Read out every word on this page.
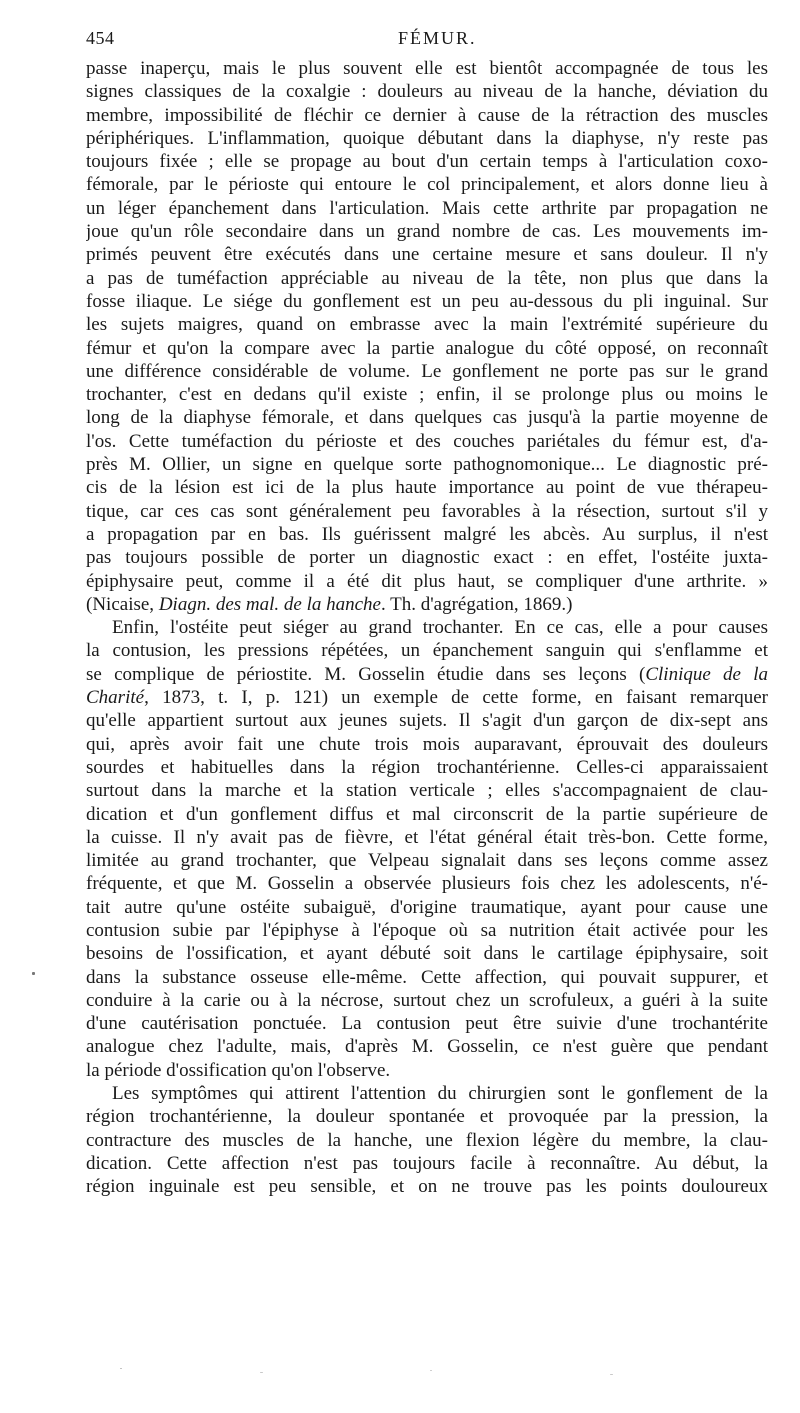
454	FÉMUR.
passe inaperçu, mais le plus souvent elle est bientôt accompagnée de tous les
signes classiques de la coxalgie : douleurs au niveau de la hanche, déviation du
membre, impossibilité de fléchir ce dernier à cause de la rétraction des muscles
périphériques. L'inflammation, quoique débutant dans la diaphyse, n'y reste pas
toujours fixée ; elle se propage au bout d'un certain temps à l'articulation coxo-
fémorale, par le périoste qui entoure le col principalement, et alors donne lieu à
un léger épanchement dans l'articulation. Mais cette arthrite par propagation ne
joue qu'un rôle secondaire dans un grand nombre de cas. Les mouvements im-
primés peuvent être exécutés dans une certaine mesure et sans douleur. Il n'y
a pas de tuméfaction appréciable au niveau de la tête, non plus que dans la
fosse iliaque. Le siége du gonflement est un peu au-dessous du pli inguinal. Sur
les sujets maigres, quand on embrasse avec la main l'extrémité supérieure du
fémur et qu'on la compare avec la partie analogue du côté opposé, on reconnaît
une différence considérable de volume. Le gonflement ne porte pas sur le grand
trochanter, c'est en dedans qu'il existe ; enfin, il se prolonge plus ou moins le
long de la diaphyse fémorale, et dans quelques cas jusqu'à la partie moyenne de
l'os. Cette tuméfaction du périoste et des couches pariétales du fémur est, d'a-
près M. Ollier, un signe en quelque sorte pathognomonique... Le diagnostic pré-
cis de la lésion est ici de la plus haute importance au point de vue thérapeu-
tique, car ces cas sont généralement peu favorables à la résection, surtout s'il y
a propagation par en bas. Ils guérissent malgré les abcès. Au surplus, il n'est
pas toujours possible de porter un diagnostic exact : en effet, l'ostéite juxta-
épiphysaire peut, comme il a été dit plus haut, se compliquer d'une arthrite. »
(Nicaise, Diagn. des mal. de la hanche. Th. d'agrégation, 1869.)
Enfin, l'ostéite peut siéger au grand trochanter. En ce cas, elle a pour causes
la contusion, les pressions répétées, un épanchement sanguin qui s'enflamme et
se complique de périostite. M. Gosselin étudie dans ses leçons (Clinique de la
Charité, 1873, t. I, p. 121) un exemple de cette forme, en faisant remarquer
qu'elle appartient surtout aux jeunes sujets. Il s'agit d'un garçon de dix-sept ans
qui, après avoir fait une chute trois mois auparavant, éprouvait des douleurs
sourdes et habituelles dans la région trochantérienne. Celles-ci apparaissaient
surtout dans la marche et la station verticale ; elles s'accompagnaient de clau-
dication et d'un gonflement diffus et mal circonscrit de la partie supérieure de
la cuisse. Il n'y avait pas de fièvre, et l'état général était très-bon. Cette forme,
limitée au grand trochanter, que Velpeau signalait dans ses leçons comme assez
fréquente, et que M. Gosselin a observée plusieurs fois chez les adolescents, n'é-
tait autre qu'une ostéite subaiguë, d'origine traumatique, ayant pour cause une
contusion subie par l'épiphyse à l'époque où sa nutrition était activée pour les
besoins de l'ossification, et ayant débuté soit dans le cartilage épiphysaire, soit
dans la substance osseuse elle-même. Cette affection, qui pouvait suppurer, et
conduire à la carie ou à la nécrose, surtout chez un scrofuleux, a guéri à la suite
d'une cautérisation ponctuée. La contusion peut être suivie d'une trochantérite
analogue chez l'adulte, mais, d'après M. Gosselin, ce n'est guère que pendant
la période d'ossification qu'on l'observe.
Les symptômes qui attirent l'attention du chirurgien sont le gonflement de la
région trochantérienne, la douleur spontanée et provoquée par la pression, la
contracture des muscles de la hanche, une flexion légère du membre, la clau-
dication. Cette affection n'est pas toujours facile à reconnaître. Au début, la
région inguinale est peu sensible, et on ne trouve pas les points douloureux
